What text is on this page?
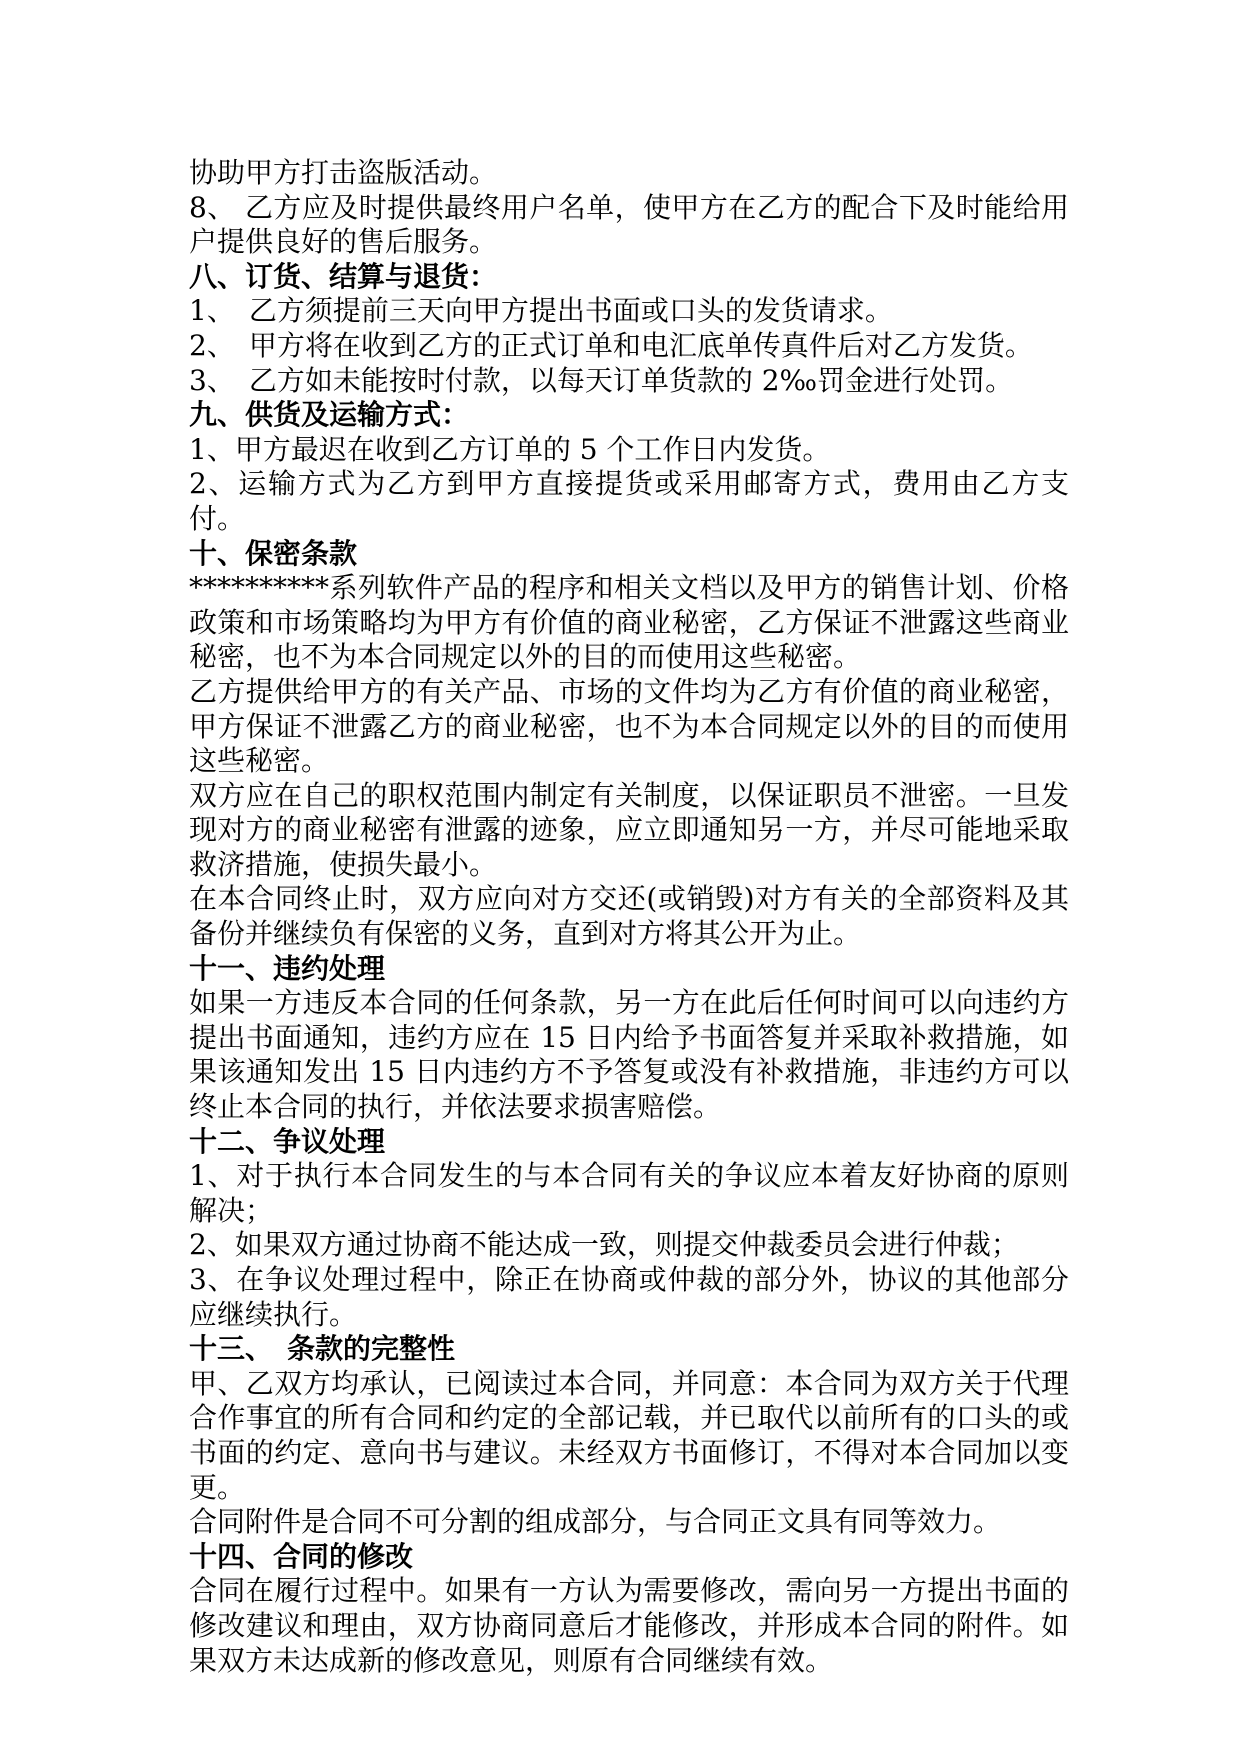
协助甲方打击盗版活动。

8、 乙方应及时提供最终用户名单，使甲方在乙方的配合下及时能给用户提供良好的售后服务。

八、订货、结算与退货：

1、　乙方须提前三天向甲方提出书面或口头的发货请求。

2、　甲方将在收到乙方的正式订单和电汇底单传真件后对乙方发货。

3、　乙方如未能按时付款，以每天订单货款的 2‰罚金进行处罚。

九、供货及运输方式：

1、甲方最迟在收到乙方订单的 5 个工作日内发货。

2、运输方式为乙方到甲方直接提货或采用邮寄方式，费用由乙方支付。

十、保密条款

**********系列软件产品的程序和相关文档以及甲方的销售计划、价格政策和市场策略均为甲方有价值的商业秘密，乙方保证不泄露这些商业秘密，也不为本合同规定以外的目的而使用这些秘密。

乙方提供给甲方的有关产品、市场的文件均为乙方有价值的商业秘密，甲方保证不泄露乙方的商业秘密，也不为本合同规定以外的目的而使用这些秘密。

双方应在自己的职权范围内制定有关制度，以保证职员不泄密。一旦发现对方的商业秘密有泄露的迹象，应立即通知另一方，并尽可能地采取救济措施，使损失最小。

在本合同终止时，双方应向对方交还(或销毁)对方有关的全部资料及其备份并继续负有保密的义务，直到对方将其公开为止。

十一、违约处理

如果一方违反本合同的任何条款，另一方在此后任何时间可以向违约方提出书面通知，违约方应在 15 日内给予书面答复并采取补救措施，如果该通知发出 15 日内违约方不予答复或没有补救措施，非违约方可以终止本合同的执行，并依法要求损害赔偿。

十二、争议处理

1、对于执行本合同发生的与本合同有关的争议应本着友好协商的原则解决；

2、如果双方通过协商不能达成一致，则提交仲裁委员会进行仲裁；

3、在争议处理过程中，除正在协商或仲裁的部分外，协议的其他部分应继续执行。

十三、　条款的完整性

甲、乙双方均承认，已阅读过本合同，并同意：本合同为双方关于代理合作事宜的所有合同和约定的全部记载，并已取代以前所有的口头的或书面的约定、意向书与建议。未经双方书面修订，不得对本合同加以变更。

合同附件是合同不可分割的组成部分，与合同正文具有同等效力。

十四、合同的修改

合同在履行过程中。如果有一方认为需要修改，需向另一方提出书面的修改建议和理由，双方协商同意后才能修改，并形成本合同的附件。如果双方未达成新的修改意见，则原有合同继续有效。
